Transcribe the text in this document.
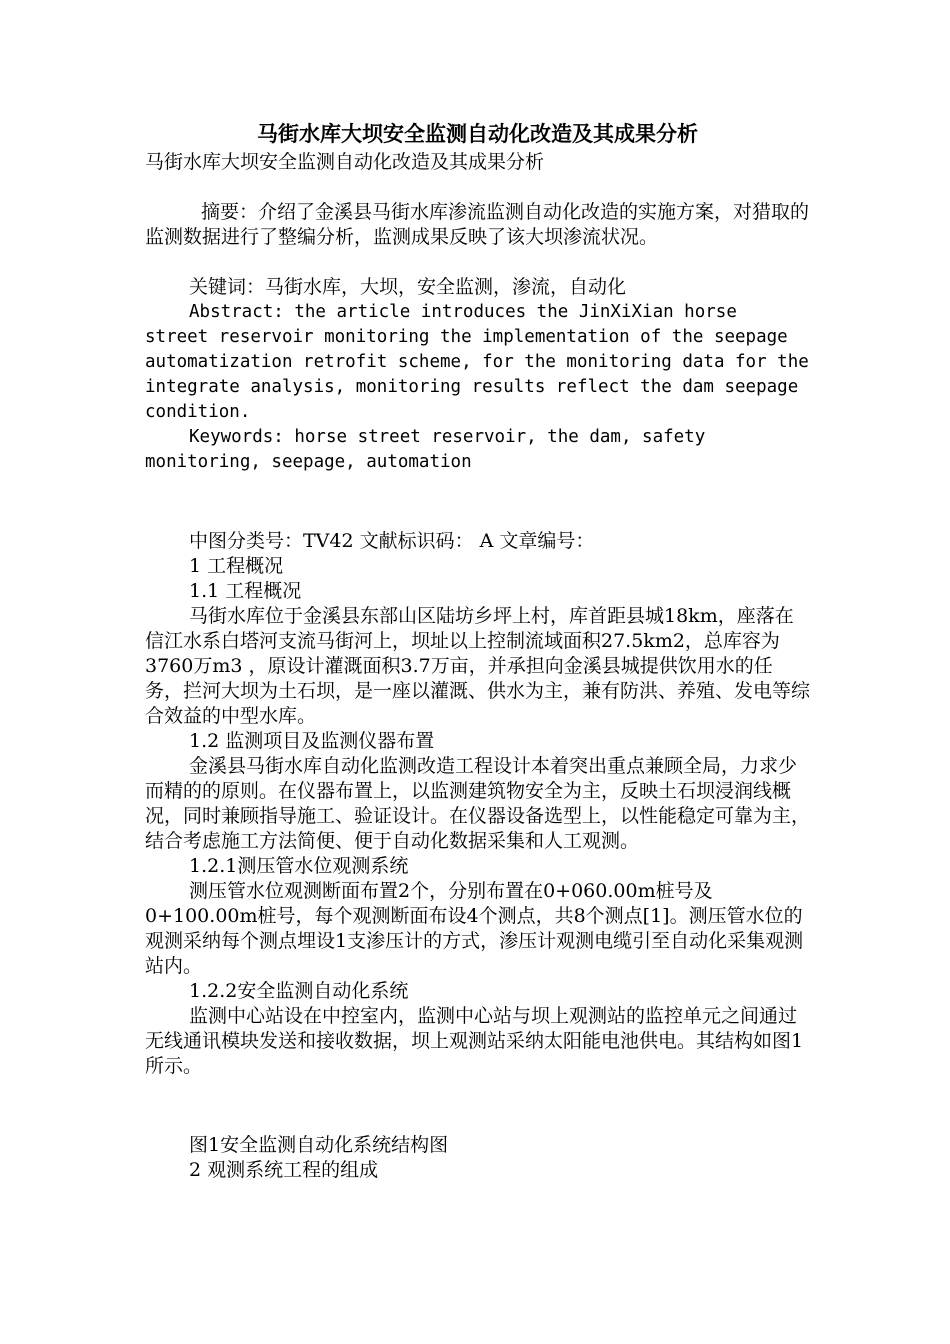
马街水库大坝安全监测自动化改造及其成果分析

马街水库大坝安全监测自动化改造及其成果分析

摘要：介绍了金溪县马街水库渗流监测自动化改造的实施方案，对猎取的监测数据进行了整编分析，监测成果反映了该大坝渗流状况。

关键词：马街水库，大坝，安全监测，渗流，自动化

Abstract: the article introduces the JinXiXian horse street reservoir monitoring the implementation of the seepage automatization retrofit scheme, for the monitoring data for the integrate analysis, monitoring results reflect the dam seepage condition.

Keywords: horse street reservoir, the dam, safety monitoring, seepage, automation

中图分类号：TV42 文献标识码： A 文章编号：

1 工程概况

1.1 工程概况

马街水库位于金溪县东部山区陆坊乡坪上村，库首距县城18km，座落在信江水系白塔河支流马街河上，坝址以上控制流域面积27.5km2，总库容为3760万m3 ，原设计灌溉面积3.7万亩，并承担向金溪县城提供饮用水的任务，拦河大坝为土石坝，是一座以灌溉、供水为主，兼有防洪、养殖、发电等综合效益的中型水库。

1.2 监测项目及监测仪器布置

金溪县马街水库自动化监测改造工程设计本着突出重点兼顾全局，力求少而精的的原则。在仪器布置上，以监测建筑物安全为主，反映土石坝浸润线概况，同时兼顾指导施工、验证设计。在仪器设备选型上，以性能稳定可靠为主，结合考虑施工方法简便、便于自动化数据采集和人工观测。

1.2.1测压管水位观测系统

测压管水位观测断面布置2个，分别布置在0+060.00m桩号及0+100.00m桩号，每个观测断面布设4个测点，共8个测点[1]。测压管水位的观测采纳每个测点埋设1支渗压计的方式，渗压计观测电缆引至自动化采集观测站内。

1.2.2安全监测自动化系统

监测中心站设在中控室内，监测中心站与坝上观测站的监控单元之间通过无线通讯模块发送和接收数据，坝上观测站采纳太阳能电池供电。其结构如图1所示。

图1安全监测自动化系统结构图

2 观测系统工程的组成
